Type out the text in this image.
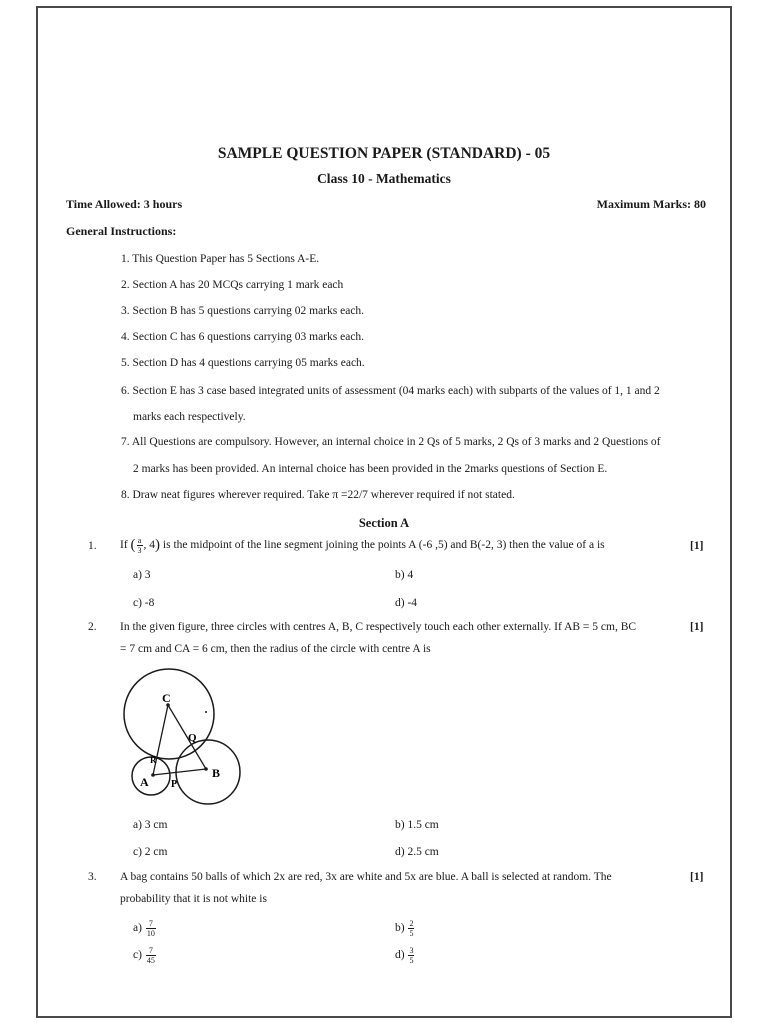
SAMPLE QUESTION PAPER (STANDARD) - 05
Class 10 - Mathematics
Time Allowed: 3 hours	Maximum Marks: 80
General Instructions:
1. This Question Paper has 5 Sections A-E.
2. Section A has 20 MCQs carrying 1 mark each
3. Section B has 5 questions carrying 02 marks each.
4. Section C has 6 questions carrying 03 marks each.
5. Section D has 4 questions carrying 05 marks each.
6. Section E has 3 case based integrated units of assessment (04 marks each) with subparts of the values of 1, 1 and 2
marks each respectively.
7. All Questions are compulsory. However, an internal choice in 2 Qs of 5 marks, 2 Qs of 3 marks and 2 Questions of
2 marks has been provided. An internal choice has been provided in the 2marks questions of Section E.
8. Draw neat figures wherever required. Take π =22/7 wherever required if not stated.
Section A
1. If ( $\frac{a}{3}$ , 4) is the midpoint of the line segment joining the points A (-6 ,5) and B(-2, 3) then the value of a is	[1]
a) 3	b) 4
c) -8	d) -4
2. In the given figure, three circles with centres A, B, C respectively touch each other externally. If AB = 5 cm, BC
= 7 cm and CA = 6 cm, then the radius of the circle with centre A is
[1]
C
Q
R
A P
B
a) 3 cm	b) 1.5 cm
c) 2 cm	d) 2.5 cm
3. A bag contains 50 balls of which 2x are red, 3x are white and 5x are blue. A ball is selected at random. The
probability that it is not white is
[1]
$a) \frac{7}{10}$	$b) \frac{2}{5}$
$c) \frac{7}{45}$	$d) \frac{3}{5}$
